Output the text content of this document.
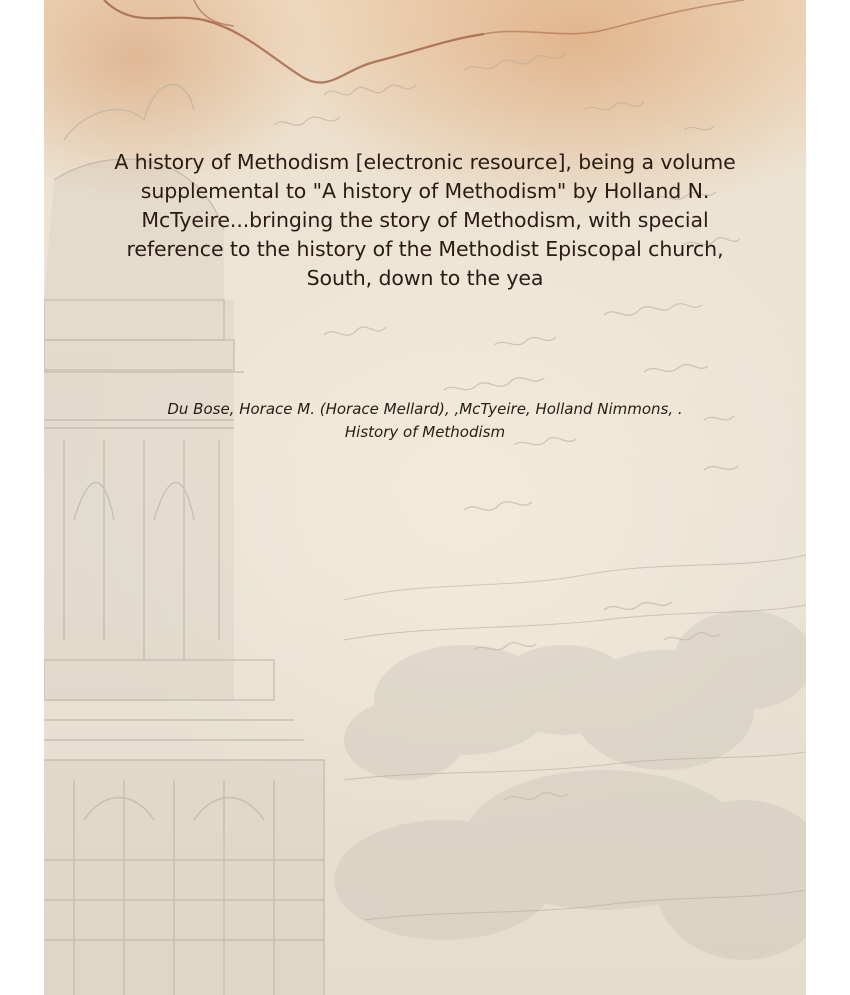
A history of Methodism [electronic resource], being a volume supplemental to "A history of Methodism" by Holland N. McTyeire...bringing the story of Methodism, with special reference to the history of the Methodist Episcopal church, South, down to the yea
Du Bose, Horace M. (Horace Mellard), ,McTyeire, Holland Nimmons, .
History of Methodism
